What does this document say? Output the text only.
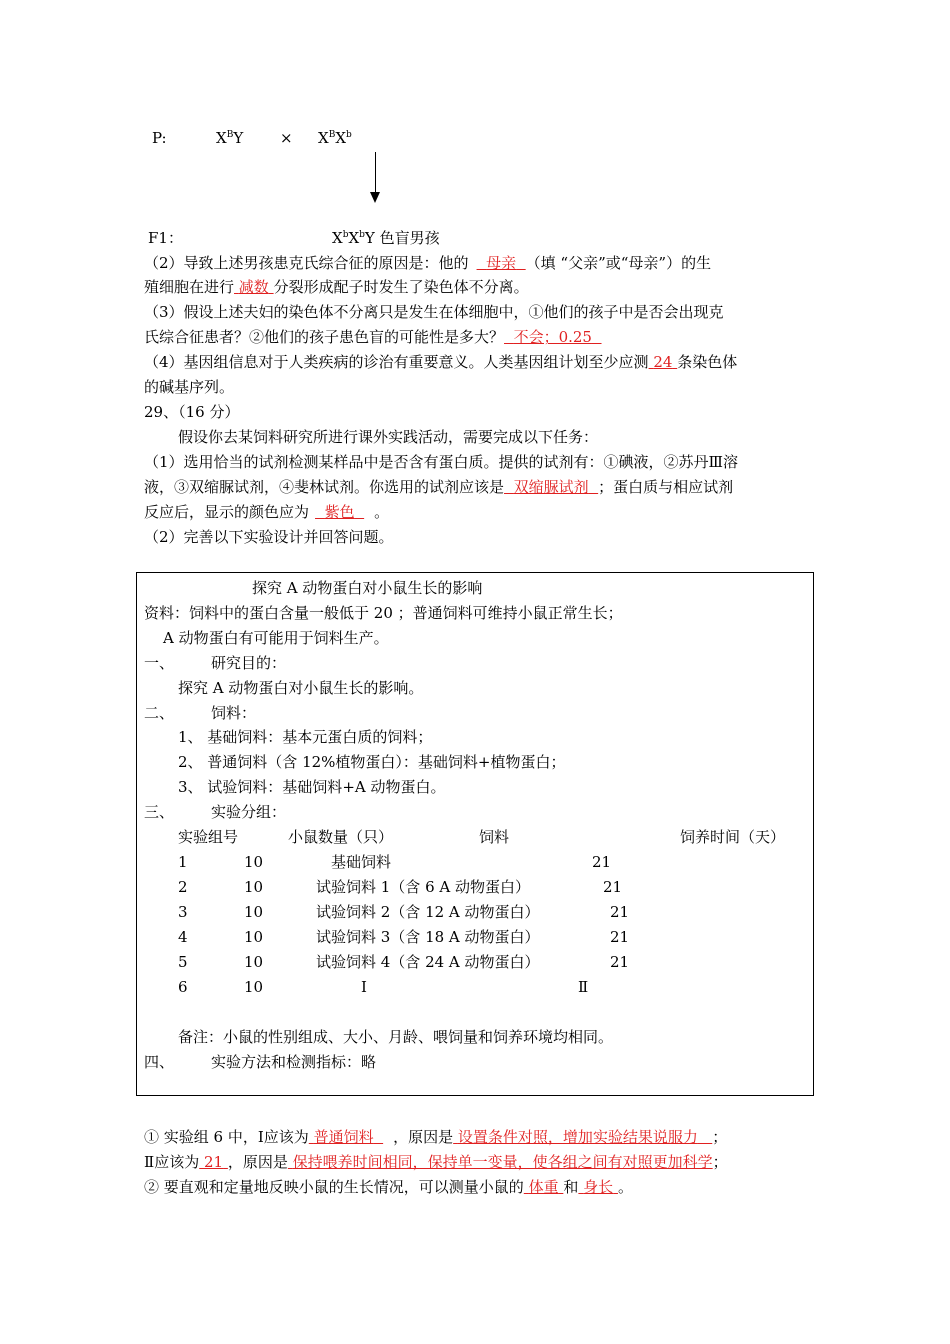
P:	$X^BY \times X^BX^b$
F1：	$X^bX^bY$ 色盲男孩
（2）导致上述男孩患克氏综合征的原因是：他的 母亲 （填 “父亲”或“母亲”）的生
殖细胞在进行 减数 分裂形成配子时发生了染色体不分离。
（3）假设上述夫妇的染色体不分离只是发生在体细胞中，①他们的孩子中是否会出现克
氏综合征患者？②他们的孩子患色盲的可能性是多大？ 不会；0.25
（4）基因组信息对于人类疾病的诊治有重要意义。人类基因组计划至少应测 24 条染色体
的碱基序列。
29、（16 分）
假设你去某饲料研究所进行课外实践活动，需要完成以下任务：
（1）选用恰当的试剂检测某样品中是否含有蛋白质。提供的试剂有：①碘液，②苏丹Ⅲ溶
液，③双缩脲试剂，④斐林试剂。你选用的试剂应该是 双缩脲试剂 ；蛋白质与相应试剂
反应后，显示的颜色应为 紫色 。
（2）完善以下实验设计并回答问题。
探究 A 动物蛋白对小鼠生长的影响
资料：饲料中的蛋白含量一般低于 20 ；普通饲料可维持小鼠正常生长；
A 动物蛋白有可能用于饲料生产。
一、 研究目的：
探究 A 动物蛋白对小鼠生长的影响。
二、 饲料：
1、 基础饲料：基本元蛋白质的饲料；
2、 普通饲料（含 12%植物蛋白）：基础饲料+植物蛋白；
3、 试验饲料：基础饲料+A 动物蛋白。
三、 实验分组：
实验组号	小鼠数量（只）	饲料	饲养时间（天）
1	10	基础饲料	21
2	10	试验饲料 1（含 6 A 动物蛋白）	21
3	10	试验饲料 2（含 12 A 动物蛋白）	21
4	10	试验饲料 3（含 18 A 动物蛋白）	21
5	10	试验饲料 4（含 24 A 动物蛋白）	21
6	10	Ⅰ	Ⅱ
备注：小鼠的性别组成、大小、月龄、喂饲量和饲养环境均相同。
四、 实验方法和检测指标：略
① 实验组 6 中，Ⅰ应该为 普通饲料 ，原因是 设置条件对照，增加实验结果说服力 ；
Ⅱ应该为 21 ，原因是 保持喂养时间相同，保持单一变量，使各组之间有对照更加科学；
② 要直观和定量地反映小鼠的生长情况，可以测量小鼠的 体重 和 身长 。
